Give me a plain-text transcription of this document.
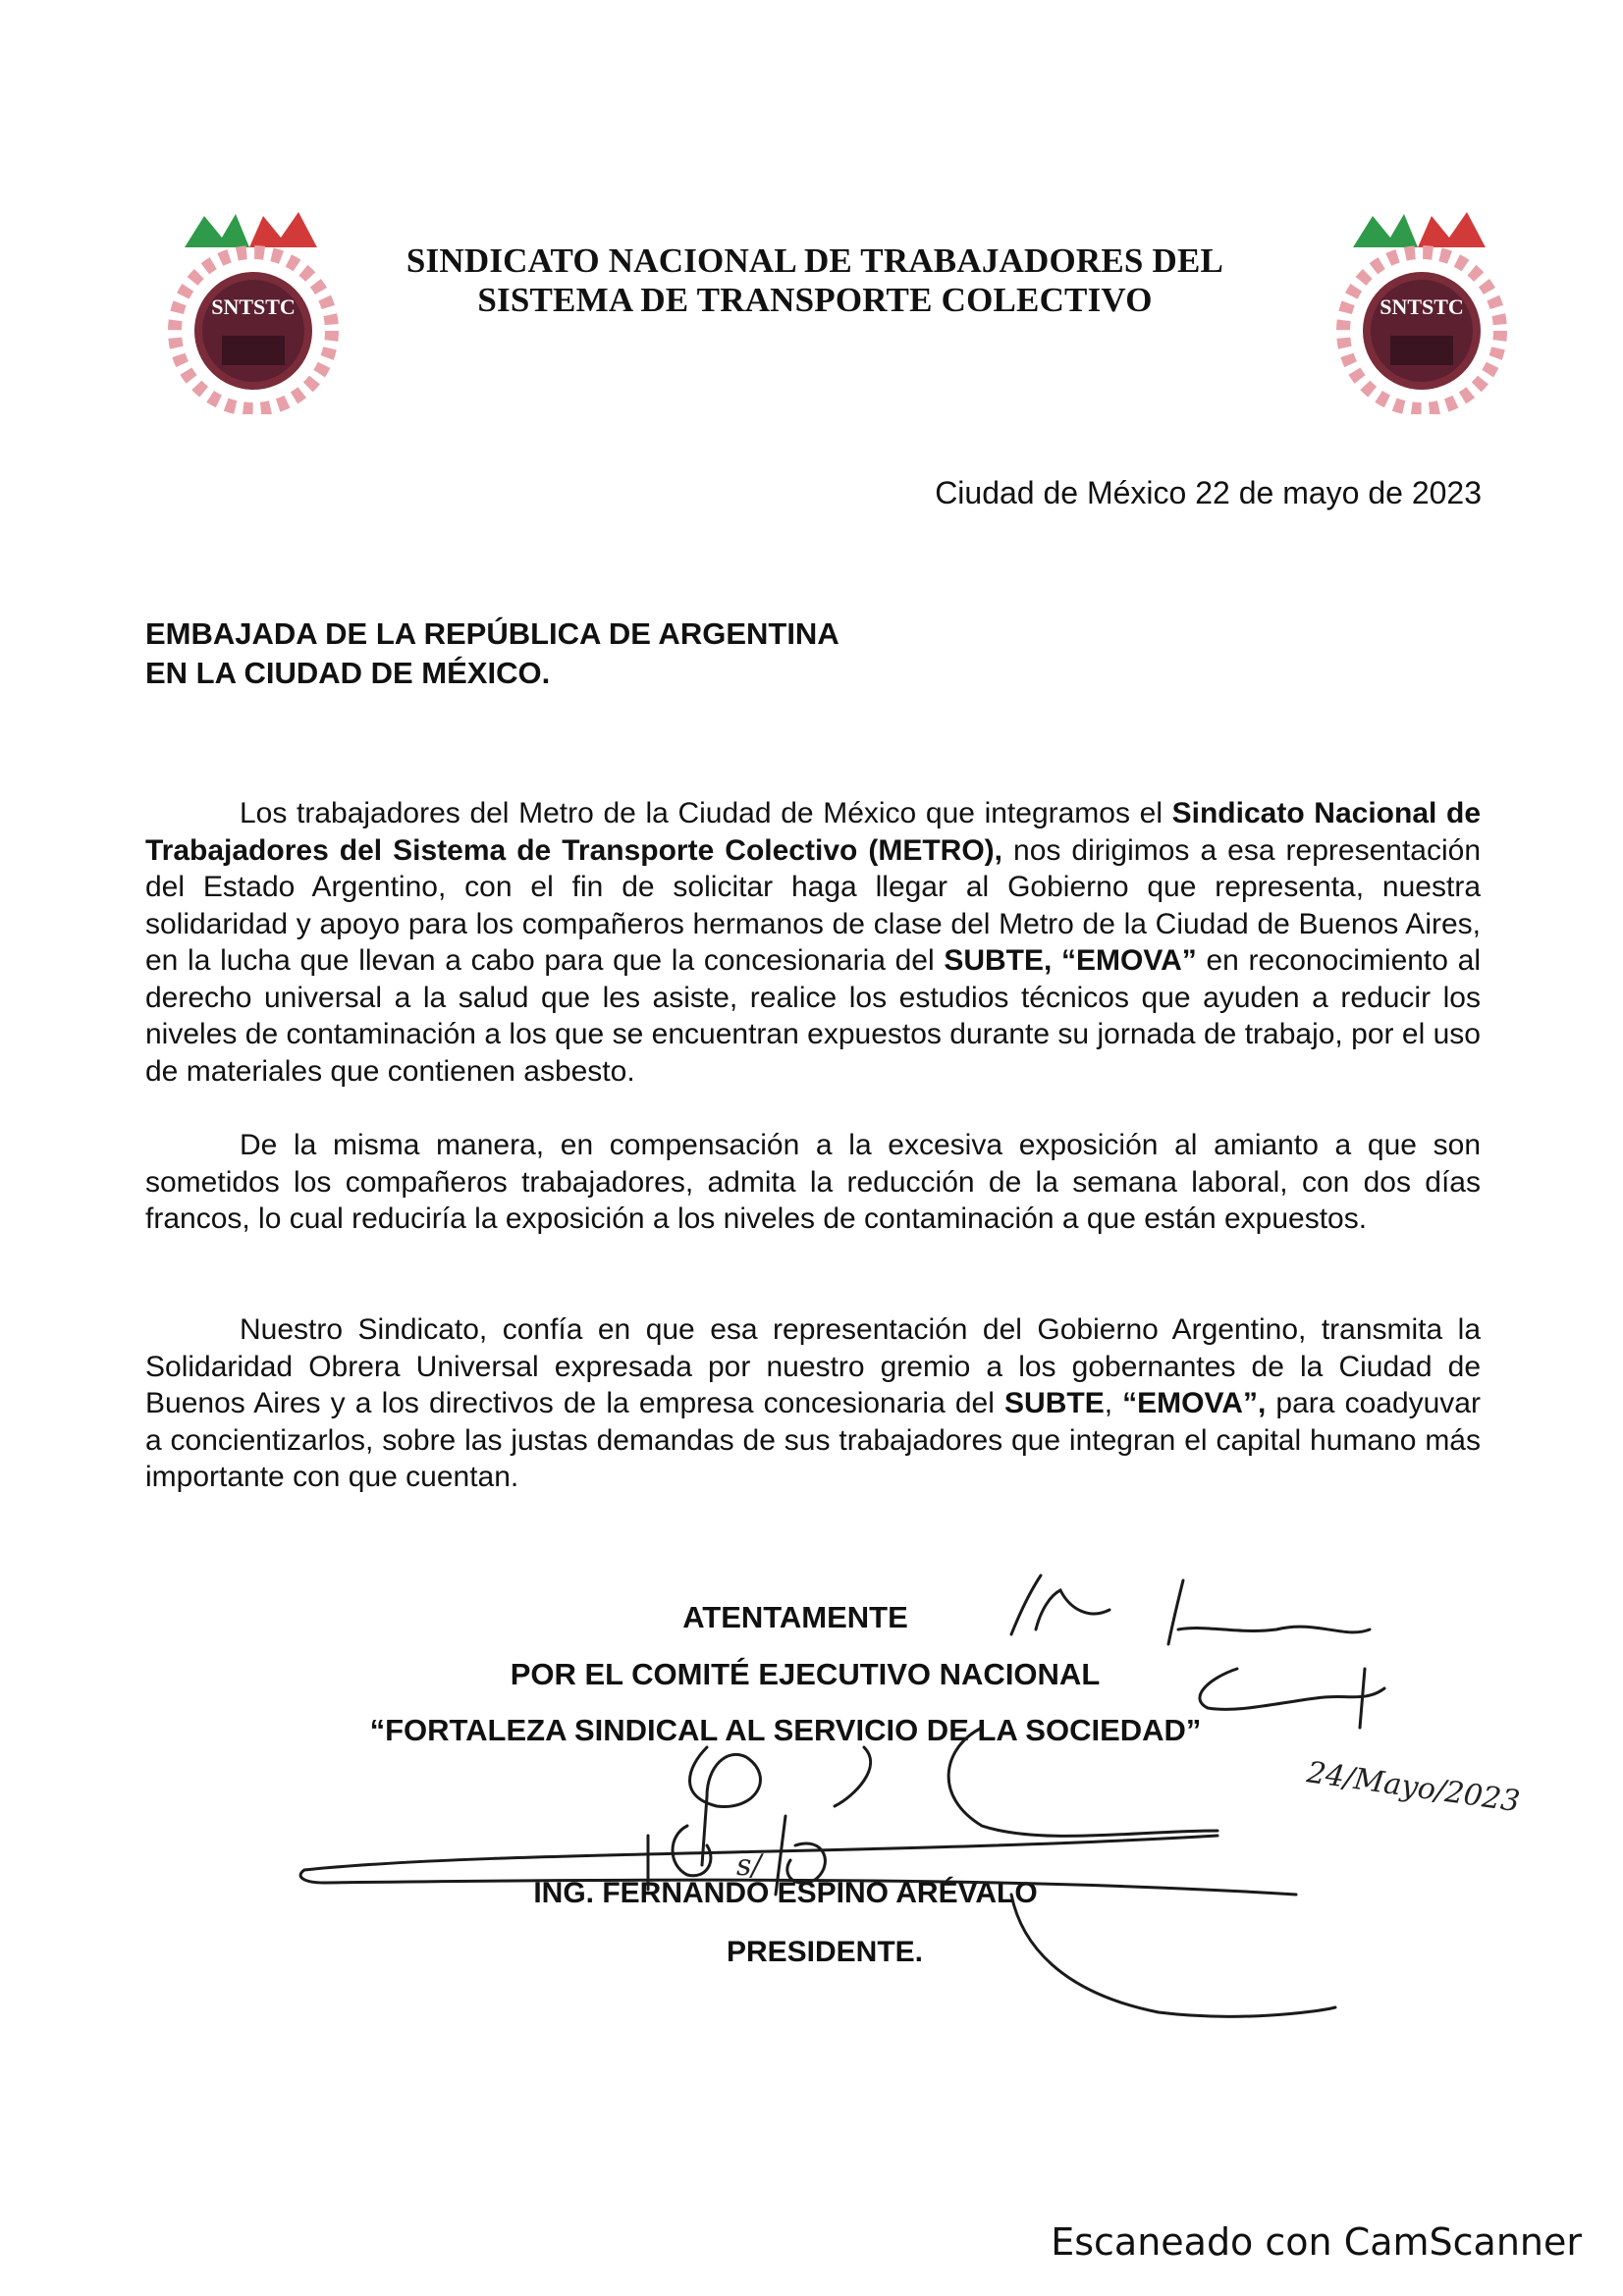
SNTSTC	SNTSTC
SINDICATO NACIONAL DE TRABAJADORES DEL
SISTEMA DE TRANSPORTE COLECTIVO
Ciudad de México 22 de mayo de 2023
EMBAJADA DE LA REPÚBLICA DE ARGENTINA
EN LA CIUDAD DE MÉXICO.

Los trabajadores del Metro de la Ciudad de México que integramos el Sindicato Nacional de Trabajadores del Sistema de Transporte Colectivo (METRO), nos dirigimos a esa representación del Estado Argentino, con el fin de solicitar haga llegar al Gobierno que representa, nuestra solidaridad y apoyo para los compañeros hermanos de clase del Metro de la Ciudad de Buenos Aires, en la lucha que llevan a cabo para que la concesionaria del SUBTE, “EMOVA” en reconocimiento al derecho universal a la salud que les asiste, realice los estudios técnicos que ayuden a reducir los niveles de contaminación a los que se encuentran expuestos durante su jornada de trabajo, por el uso de materiales que contienen asbesto.

De la misma manera, en compensación a la excesiva exposición al amianto a que son sometidos los compañeros trabajadores, admita la reducción de la semana laboral, con dos días francos, lo cual reduciría la exposición a los niveles de contaminación a que están expuestos.

Nuestro Sindicato, confía en que esa representación del Gobierno Argentino, transmita la Solidaridad Obrera Universal expresada por nuestro gremio a los gobernantes de la Ciudad de Buenos Aires y a los directivos de la empresa concesionaria del SUBTE, “EMOVA”, para coadyuvar a concientizarlos, sobre las justas demandas de sus trabajadores que integran el capital humano más importante con que cuentan.

ATENTAMENTE
POR EL COMITÉ EJECUTIVO NACIONAL
“FORTALEZA SINDICAL AL SERVICIO DE LA SOCIEDAD”
ING. FERNANDO ESPINO ARÉVALO
PRESIDENTE.
s/
24/Mayo/2023
Escaneado con CamScanner
